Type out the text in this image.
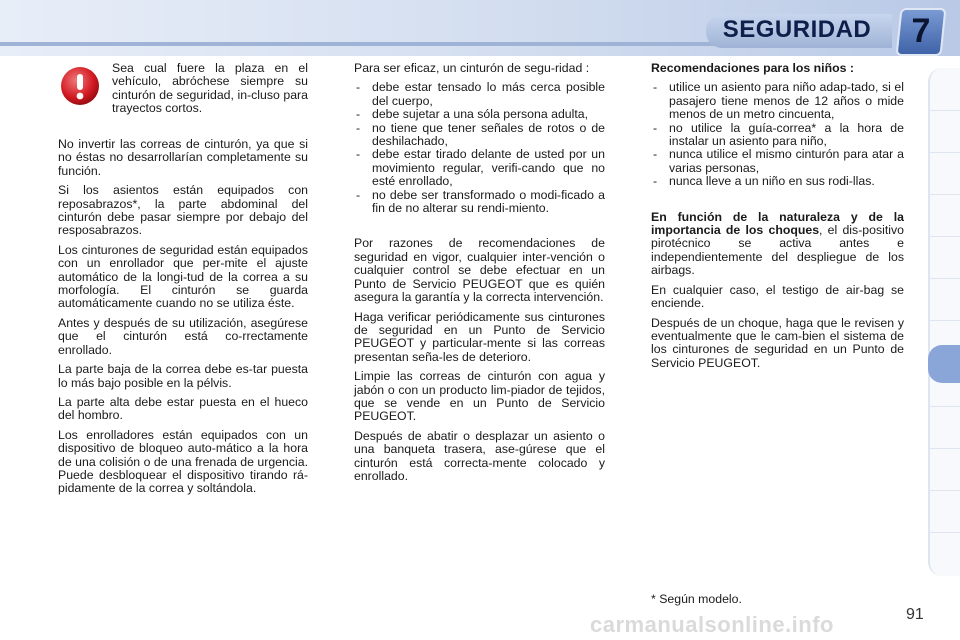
SEGURIDAD	7

Sea cual fuere la plaza en el vehículo, abróchese siempre su cinturón de seguridad, in-cluso para trayectos cortos.

No invertir las correas de cinturón, ya que si no éstas no desarrollarían completamente su función.

Si los asientos están equipados con reposabrazos*, la parte abdominal del cinturón debe pasar siempre por debajo del resposabrazos.

Los cinturones de seguridad están equipados con un enrollador que per-mite el ajuste automático de la longi-tud de la correa a su morfología. El cinturón se guarda automáticamente cuando no se utiliza éste.

Antes y después de su utilización, asegúrese que el cinturón está co-rrectamente enrollado.

La parte baja de la correa debe es-tar puesta lo más bajo posible en la pélvis.

La parte alta debe estar puesta en el hueco del hombro.

Los enrolladores están equipados con un dispositivo de bloqueo auto-mático a la hora de una colisión o de una frenada de urgencia. Puede desbloquear el dispositivo tirando rá-pidamente de la correa y soltándola.

Para ser eficaz, un cinturón de segu-ridad :

- debe estar tensado lo más cerca posible del cuerpo,
- debe sujetar a una sóla persona adulta,
- no tiene que tener señales de rotos o de deshilachado,
- debe estar tirado delante de usted por un movimiento regular, verifi-cando que no esté enrollado,
- no debe ser transformado o modi-ficado a fin de no alterar su rendi-miento.

Por razones de recomendaciones de seguridad en vigor, cualquier inter-vención o cualquier control se debe efectuar en un Punto de Servicio PEUGEOT que es quién asegura la garantía y la correcta intervención.

Haga verificar periódicamente sus cinturones de seguridad en un Punto de Servicio PEUGEOT y particular-mente si las correas presentan seña-les de deterioro.

Limpie las correas de cinturón con agua y jabón o con un producto lim-piador de tejidos, que se vende en un Punto de Servicio PEUGEOT.

Después de abatir o desplazar un asiento o una banqueta trasera, ase-gúrese que el cinturón está correcta-mente colocado y enrollado.

Recomendaciones para los niños :

- utilice un asiento para niño adap-tado, si el pasajero tiene menos de 12 años o mide menos de un metro cincuenta,
- no utilice la guía-correa* a la hora de instalar un asiento para niño,
- nunca utilice el mismo cinturón para atar a varias personas,
- nunca lleve a un niño en sus rodi-llas.

En función de la naturaleza y de la importancia de los choques, el dis-positivo pirotécnico se activa antes e independientemente del despliegue de los airbags.

En cualquier caso, el testigo de air-bag se enciende.

Después de un choque, haga que le revisen y eventualmente que le cam-bien el sistema de los cinturones de seguridad en un Punto de Servicio PEUGEOT.

* Según modelo.
carmanualsonline.info	91
